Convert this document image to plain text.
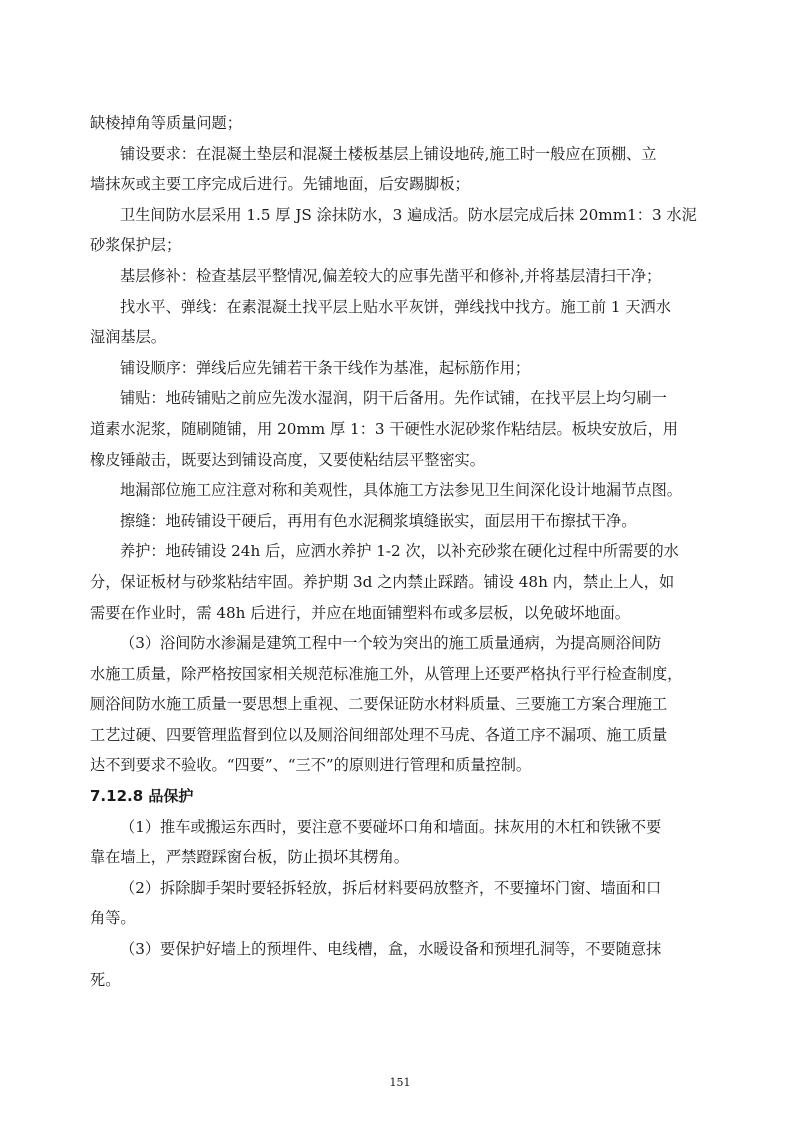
缺棱掉角等质量问题；
铺设要求：在混凝土垫层和混凝土楼板基层上铺设地砖,施工时一般应在顶棚、立
墙抹灰或主要工序完成后进行。先铺地面，后安踢脚板；
卫生间防水层采用 1.5 厚 JS 涂抹防水，3 遍成活。防水层完成后抹 20mm1：3 水泥
砂浆保护层；
基层修补：检查基层平整情况,偏差较大的应事先凿平和修补,并将基层清扫干净；
找水平、弹线：在素混凝土找平层上贴水平灰饼，弹线找中找方。施工前 1 天洒水
湿润基层。
铺设顺序：弹线后应先铺若干条干线作为基准，起标筋作用；
铺贴：地砖铺贴之前应先泼水湿润，阴干后备用。先作试铺，在找平层上均匀刷一
道素水泥浆，随刷随铺，用 20mm 厚 1：3 干硬性水泥砂浆作粘结层。板块安放后，用
橡皮锤敲击，既要达到铺设高度，又要使粘结层平整密实。
地漏部位施工应注意对称和美观性，具体施工方法参见卫生间深化设计地漏节点图。
擦缝：地砖铺设干硬后，再用有色水泥稠浆填缝嵌实，面层用干布擦拭干净。
养护：地砖铺设 24h 后，应洒水养护 1-2 次，以补充砂浆在硬化过程中所需要的水
分，保证板材与砂浆粘结牢固。养护期 3d 之内禁止踩踏。铺设 48h 内，禁止上人，如
需要在作业时，需 48h 后进行，并应在地面铺塑料布或多层板，以免破坏地面。
（3）浴间防水渗漏是建筑工程中一个较为突出的施工质量通病，为提高厕浴间防
水施工质量，除严格按国家相关规范标准施工外，从管理上还要严格执行平行检查制度，
厕浴间防水施工质量一要思想上重视、二要保证防水材料质量、三要施工方案合理施工
工艺过硬、四要管理监督到位以及厕浴间细部处理不马虎、各道工序不漏项、施工质量
达不到要求不验收。“四要”、“三不”的原则进行管理和质量控制。
7.12.8 品保护
（1）推车或搬运东西时，要注意不要碰坏口角和墙面。抹灰用的木杠和铁锹不要
靠在墙上，严禁蹬踩窗台板，防止损坏其楞角。
（2）拆除脚手架时要轻拆轻放，拆后材料要码放整齐，不要撞坏门窗、墙面和口
角等。
（3）要保护好墙上的预埋件、电线槽，盒，水暖设备和预埋孔洞等，不要随意抹
死。
151
